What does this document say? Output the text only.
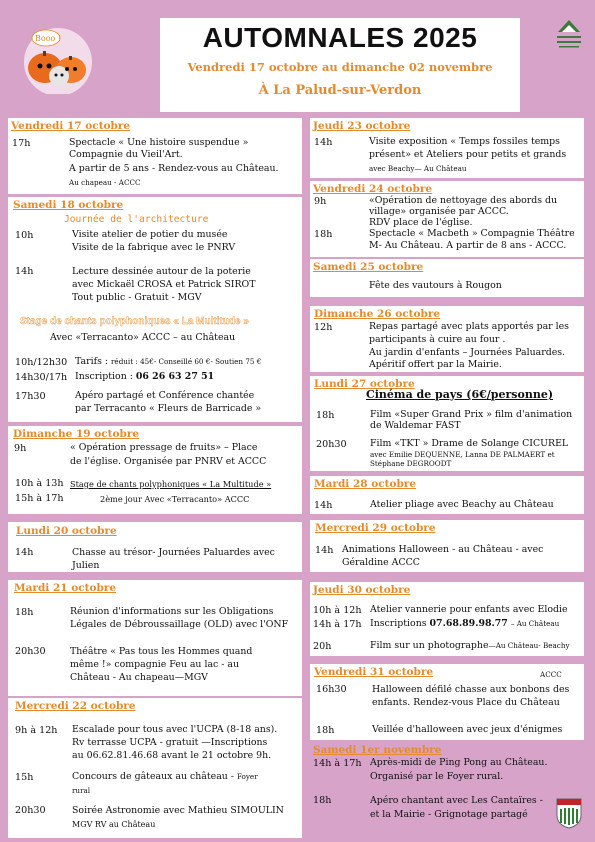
AUTOMNALES 2025
Vendredi 17 octobre au dimanche 02 novembre
À La Palud-sur-Verdon
Booo !
Vendredi 17 octobre
17h	Spectacle « Une histoire suspendue »
Compagnie du Vieil'Art.
A partir de 5 ans - Rendez-vous au Château.
Au chapeau - ACCC
Samedi 18 octobre
Journée de l'architecture
10h	Visite atelier de potier du musée
Visite de la fabrique avec le PNRV
14h	Lecture dessinée autour de la poterie
avec Mickaël CROSA et Patrick SIROT
Tout public - Gratuit - MGV
Stage de chants polyphoniques « La Multitude »
Avec «Terracanto» ACCC – au Château
10h/12h30 Tarifs : réduit : 45€- Conseillé 60 €- Soutien 75 €
14h30/17h Inscription : 06 26 63 27 51
17h30	Apéro partagé et Conférence chantée
par Terracanto « Fleurs de Barricade »
Dimanche 19 octobre
9h	« Opération pressage de fruits» – Place
de l'église. Organisée par PNRV et ACCC
10h à 13h Stage de chants polyphoniques « La Multitude »
15h à 17h	2ème jour Avec «Terracanto» ACCC
Lundi 20 octobre
14h	Chasse au trésor- Journées Paluardes avec
Julien
Mardi 21 octobre
18h	Réunion d'informations sur les Obligations
Légales de Débroussaillage (OLD) avec l'ONF
20h30	Théâtre « Pas tous les Hommes quand
même !» compagnie Feu au lac - au
Château - Au chapeau—MGV
Mercredi 22 octobre
9h à 12h Escalade pour tous avec l'UCPA (8-18 ans).
Rv terrasse UCPA - gratuit —Inscriptions
au 06.62.81.46.68 avant le 21 octobre 9h.
15h	Concours de gâteaux au château - Foyer
rural
20h30	Soirée Astronomie avec Mathieu SIMOULIN
MGV RV au Château
Jeudi 23 octobre
14h	Visite exposition « Temps fossiles temps
présent» et Ateliers pour petits et grands
avec Beachy— Au Château
Vendredi 24 octobre
9h	«Opération de nettoyage des abords du
village» organisée par ACCC.
RDV place de l'église.
18h	Spectacle « Macbeth » Compagnie Théâtre
M- Au Château. A partir de 8 ans - ACCC.
Samedi 25 octobre
Fête des vautours à Rougon
Dimanche 26 octobre
12h	Repas partagé avec plats apportés par les
participants à cuire au four .
Au jardin d'enfants – Journées Paluardes.
Apéritif offert par la Mairie.
Lundi 27 octobre
Cinéma de pays (6€/personne)
18h	Film «Super Grand Prix » film d'animation
de Waldemar FAST
20h30 Film «TKT » Drame de Solange CICUREL
avec Emilie DEQUENNE, Lanna DE PALMAERT et
Stéphane DEGROODT
Mardi 28 octobre
14h	Atelier pliage avec Beachy au Château
Mercredi 29 octobre
14h Animations Halloween - au Château - avec
Géraldine ACCC
Jeudi 30 octobre
10h à 12h Atelier vannerie pour enfants avec Elodie
14h à 17h Inscriptions 07.68.89.98.77 – Au Château
20h	Film sur un photographe—Au Château- Beachy
Vendredi 31 octobre	ACCC
16h30	Halloween défilé chasse aux bonbons des
enfants. Rendez-vous Place du Château
18h	Veillée d'halloween avec jeux d'énigmes
Samedi 1er novembre
14h à 17h Après-midi de Ping Pong au Château.
Organisé par le Foyer rural.
18h	Apéro chantant avec Les Cantaïres -
et la Mairie - Grignotage partagé
